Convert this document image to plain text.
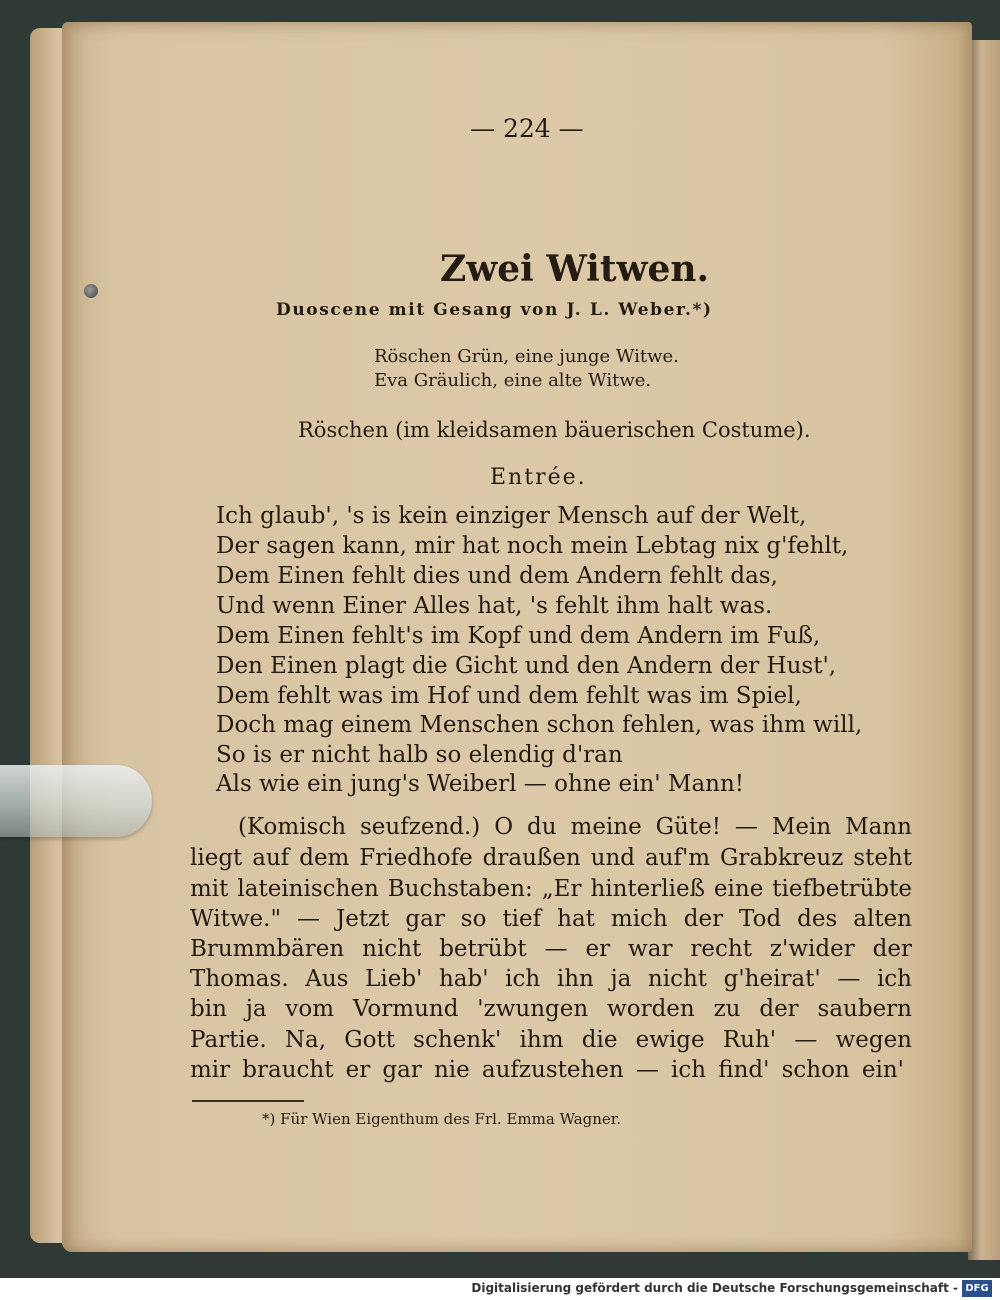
— 224 —
Zwei Witwen.
Duoscene mit Gesang von J. L. Weber.*)
Röschen Grün, eine junge Witwe.
Eva Gräulich, eine alte Witwe.
Röschen (im kleidsamen bäuerischen Costume).
Entrée.
Ich glaub', 's is kein einziger Mensch auf der Welt,
Der sagen kann, mir hat noch mein Lebtag nix g'fehlt,
Dem Einen fehlt dies und dem Andern fehlt das,
Und wenn Einer Alles hat, 's fehlt ihm halt was.
Dem Einen fehlt's im Kopf und dem Andern im Fuß,
Den Einen plagt die Gicht und den Andern der Hust',
Dem fehlt was im Hof und dem fehlt was im Spiel,
Doch mag einem Menschen schon fehlen, was ihm will,
So is er nicht halb so elendig d'ran
Als wie ein jung's Weiberl — ohne ein' Mann!
(Komisch seufzend.) O du meine Güte! — Mein Mann
liegt auf dem Friedhofe draußen und auf'm Grabkreuz steht
mit lateinischen Buchstaben: „Er hinterließ eine tiefbetrübte
Witwe." — Jetzt gar so tief hat mich der Tod des alten
Brummbären nicht betrübt — er war recht z'wider der
Thomas. Aus Lieb' hab' ich ihn ja nicht g'heirat' — ich
bin ja vom Vormund 'zwungen worden zu der saubern
Partie. Na, Gott schenk' ihm die ewige Ruh' — wegen
mir braucht er gar nie aufzustehen — ich find' schon ein'
*) Für Wien Eigenthum des Frl. Emma Wagner.
Digitalisierung gefördert durch die Deutsche Forschungsgemeinschaft - DFG
